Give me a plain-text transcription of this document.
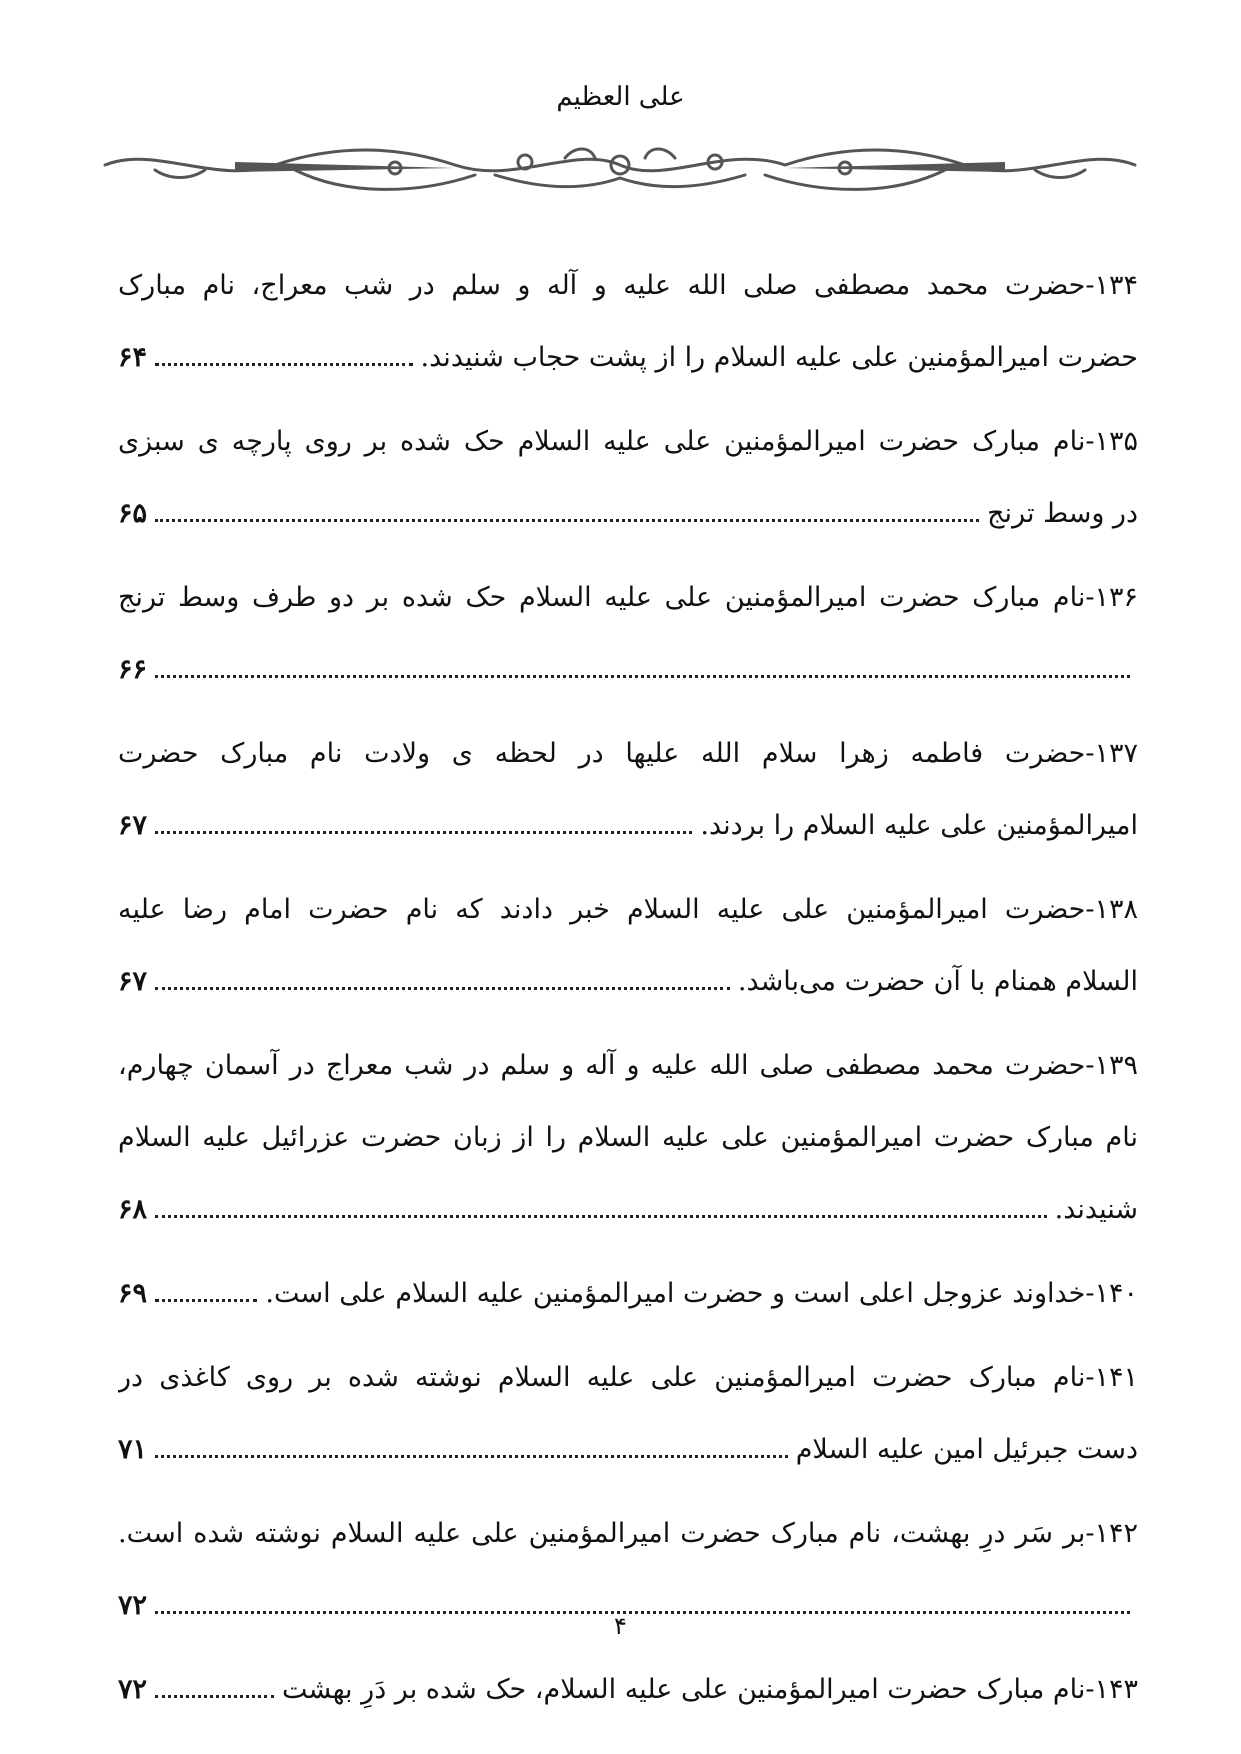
علی العظیم
۱۳۴-حضرت محمد مصطفی صلی الله علیه و آله و سلم در شب معراج، نام مبارک
حضرت امیرالمؤمنین علی علیه السلام را از پشت حجاب شنیدند.
۶۴
۱۳۵-نام مبارک حضرت امیرالمؤمنین علی علیه السلام حک شده بر روی پارچه ی سبزی
در وسط ترنج
۶۵
۱۳۶-نام مبارک حضرت امیرالمؤمنین علی علیه السلام حک شده بر دو طرف وسط ترنج
۶۶
۱۳۷-حضرت فاطمه زهرا سلام الله علیها در لحظه ی ولادت نام مبارک حضرت
امیرالمؤمنین علی علیه السلام را بردند.
۶۷
۱۳۸-حضرت امیرالمؤمنین علی علیه السلام خبر دادند که نام حضرت امام رضا علیه
السلام همنام با آن حضرت می‌باشد.
۶۷
۱۳۹-حضرت محمد مصطفی صلی الله علیه و آله و سلم در شب معراج در آسمان چهارم،
نام مبارک حضرت امیرالمؤمنین علی علیه السلام را از زبان حضرت عزرائیل علیه السلام
شنیدند.
۶۸
۱۴۰-خداوند عزوجل اعلی است و حضرت امیرالمؤمنین علیه السلام علی است.
۶۹
۱۴۱-نام مبارک حضرت امیرالمؤمنین علی علیه السلام نوشته شده بر روی کاغذی در
دست جبرئیل امین علیه السلام
۷۱
۱۴۲-بر سَر درِ بهشت، نام مبارک حضرت امیرالمؤمنین علی علیه السلام نوشته شده است.
۷۲
۱۴۳-نام مبارک حضرت امیرالمؤمنین علی علیه السلام، حک شده بر دَرِ بهشت
۷۲
۴
